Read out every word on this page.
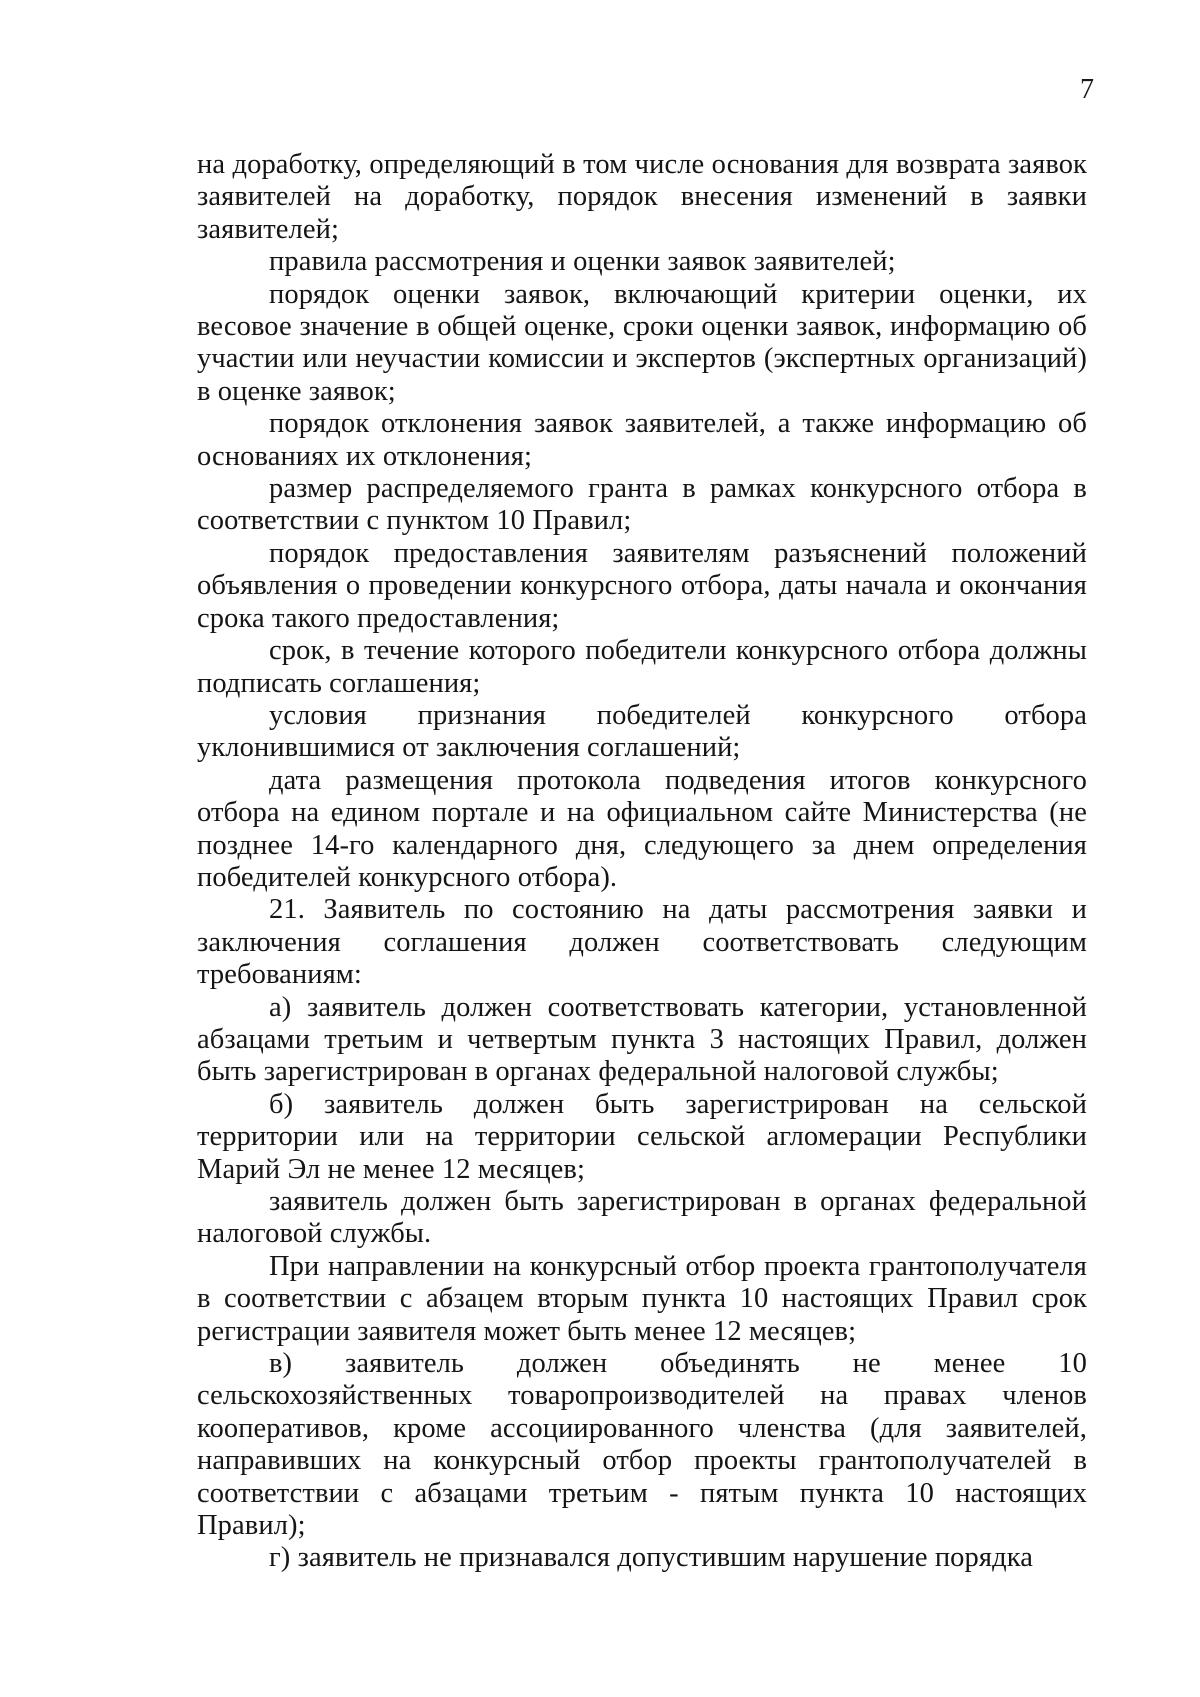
7

на доработку, определяющий в том числе основания для возврата заявок заявителей на доработку, порядок внесения изменений в заявки заявителей;

правила рассмотрения и оценки заявок заявителей;

порядок оценки заявок, включающий критерии оценки, их весовое значение в общей оценке, сроки оценки заявок, информацию об участии или неучастии комиссии и экспертов (экспертных организаций) в оценке заявок;

порядок отклонения заявок заявителей, а также информацию об основаниях их отклонения;

размер распределяемого гранта в рамках конкурсного отбора в соответствии с пунктом 10 Правил;

порядок предоставления заявителям разъяснений положений объявления о проведении конкурсного отбора, даты начала и окончания срока такого предоставления;

срок, в течение которого победители конкурсного отбора должны подписать соглашения;

условия признания победителей конкурсного отбора уклонившимися от заключения соглашений;

дата размещения протокола подведения итогов конкурсного отбора на едином портале и на официальном сайте Министерства (не позднее 14-го календарного дня, следующего за днем определения победителей конкурсного отбора).

21. Заявитель по состоянию на даты рассмотрения заявки и заключения соглашения должен соответствовать следующим требованиям:

а) заявитель должен соответствовать категории, установленной абзацами третьим и четвертым пункта 3 настоящих Правил, должен быть зарегистрирован в органах федеральной налоговой службы;

б) заявитель должен быть зарегистрирован на сельской территории или на территории сельской агломерации Республики Марий Эл не менее 12 месяцев;

заявитель должен быть зарегистрирован в органах федеральной налоговой службы.

При направлении на конкурсный отбор проекта грантополучателя в соответствии с абзацем вторым пункта 10 настоящих Правил срок регистрации заявителя может быть менее 12 месяцев;

в) заявитель должен объединять не менее 10 сельскохозяйственных товаропроизводителей на правах членов кооперативов, кроме ассоциированного членства (для заявителей, направивших на конкурсный отбор проекты грантополучателей в соответствии с абзацами третьим - пятым пункта 10 настоящих Правил);

г) заявитель не признавался допустившим нарушение порядка
